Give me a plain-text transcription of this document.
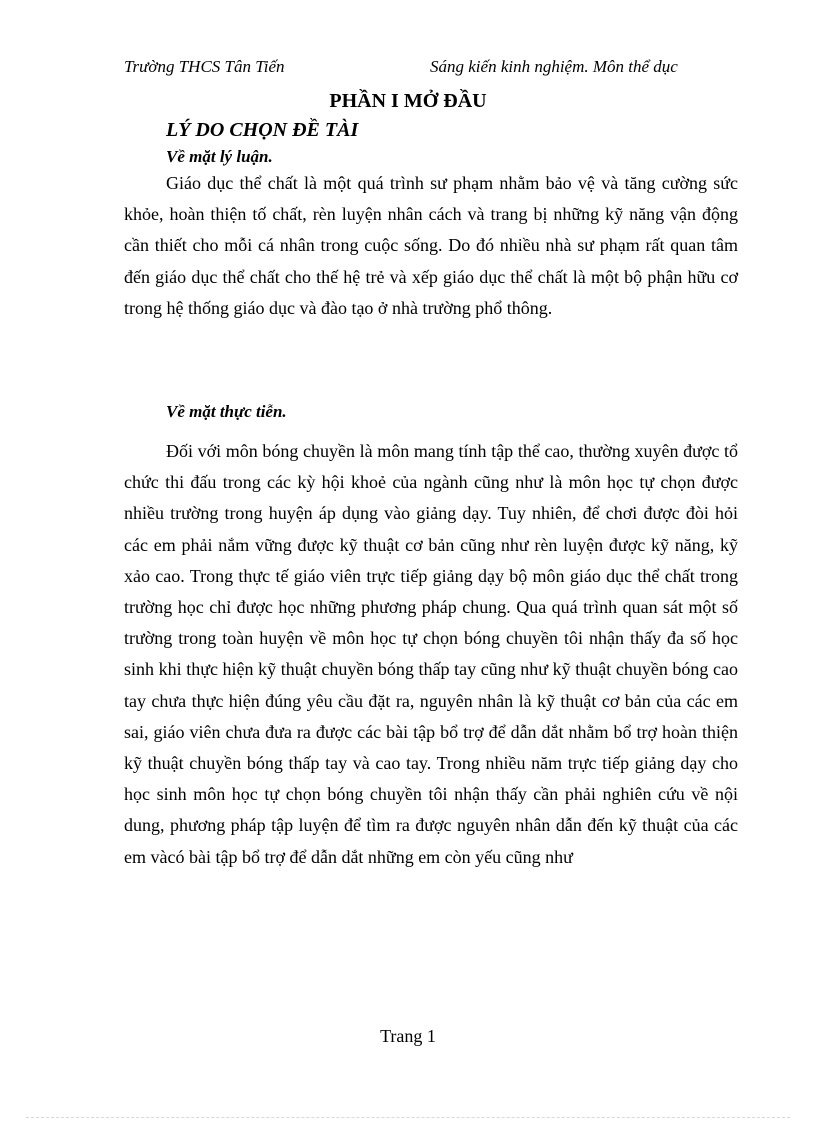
Trường THCS Tân Tiến	Sáng kiến kinh nghiệm. Môn thể dục
PHẦN I MỞ ĐẦU
LÝ DO CHỌN ĐỀ TÀI
Về mặt lý luận.

Giáo dục thể chất là một quá trình sư phạm nhằm bảo vệ và tăng cường sức khỏe, hoàn thiện tố chất, rèn luyện nhân cách và trang bị những kỹ năng vận động cần thiết cho mỗi cá nhân trong cuộc sống. Do đó nhiều nhà sư phạm rất quan tâm đến giáo dục thể chất cho thế hệ trẻ và xếp giáo dục thể chất là một bộ phận hữu cơ trong hệ thống giáo dục và đào tạo ở nhà trường phổ thông.

Về mặt thực tiễn.

Đối với môn bóng chuyền là môn mang tính tập thể cao, thường xuyên được tổ chức thi đấu trong các kỳ hội khoẻ của ngành cũng như là môn học tự chọn được nhiều trường trong huyện áp dụng vào giảng dạy. Tuy nhiên, để chơi được đòi hỏi các em phải nắm vững được kỹ thuật cơ bản cũng như rèn luyện được kỹ năng, kỹ xảo cao. Trong thực tế giáo viên trực tiếp giảng dạy bộ môn giáo dục thể chất trong trường học chỉ được học những phương pháp chung. Qua quá trình quan sát một số trường trong toàn huyện về môn học tự chọn bóng chuyền tôi nhận thấy đa số học sinh khi thực hiện kỹ thuật chuyền bóng thấp tay cũng như kỹ thuật chuyền bóng cao tay chưa thực hiện đúng yêu cầu đặt ra, nguyên nhân là kỹ thuật cơ bản của các em sai, giáo viên chưa đưa ra được các bài tập bổ trợ để dẫn dắt nhằm bổ trợ hoàn thiện kỹ thuật chuyền bóng thấp tay và cao tay. Trong nhiều năm trực tiếp giảng dạy cho học sinh môn học tự chọn bóng chuyền tôi nhận thấy cần phải nghiên cứu về nội dung, phương pháp tập luyện để tìm ra được nguyên nhân dẫn đến kỹ thuật của các em vàcó bài tập bổ trợ để dẫn dắt những em còn yếu cũng như

Trang 1
